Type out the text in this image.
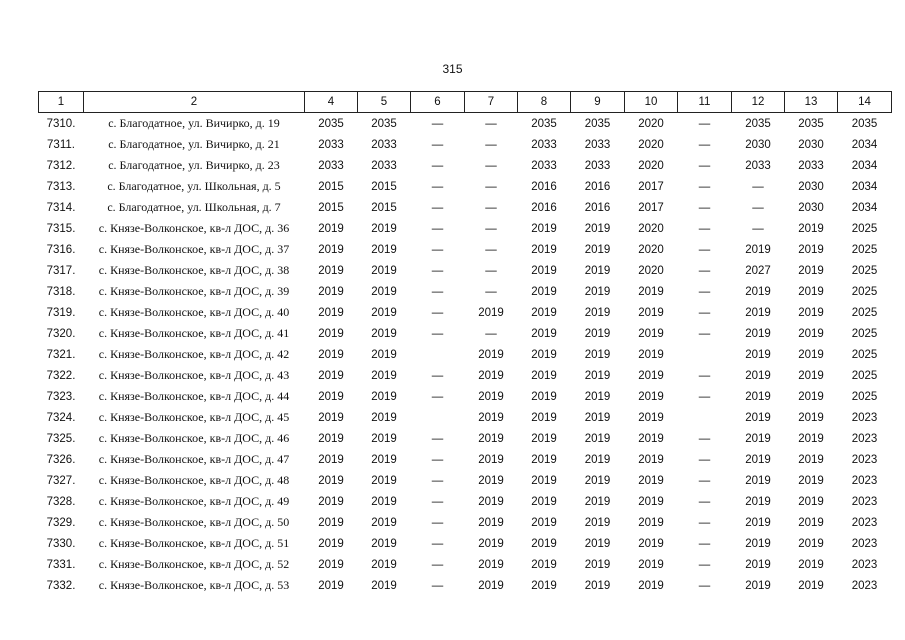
315
1	2	4	5	6	7	8	9	10	11	12	13	14
7310.	с. Благодатное, ул. Вичирко, д. 19	2035	2035	—	—	2035	2035	2020	—	2035	2035	2035
7311.	с. Благодатное, ул. Вичирко, д. 21	2033	2033	—	—	2033	2033	2020	—	2030	2030	2034
7312.	с. Благодатное, ул. Вичирко, д. 23	2033	2033	—	—	2033	2033	2020	—	2033	2033	2034
7313.	с. Благодатное, ул. Школьная, д. 5	2015	2015	—	—	2016	2016	2017	—	—	2030	2034
7314.	с. Благодатное, ул. Школьная, д. 7	2015	2015	—	—	2016	2016	2017	—	—	2030	2034
7315.	с. Князе-Волконское, кв-л ДОС, д. 36	2019	2019	—	—	2019	2019	2020	—	—	2019	2025
7316.	с. Князе-Волконское, кв-л ДОС, д. 37	2019	2019	—	—	2019	2019	2020	—	2019	2019	2025
7317.	с. Князе-Волконское, кв-л ДОС, д. 38	2019	2019	—	—	2019	2019	2020	—	2027	2019	2025
7318.	с. Князе-Волконское, кв-л ДОС, д. 39	2019	2019	—	—	2019	2019	2019	—	2019	2019	2025
7319.	с. Князе-Волконское, кв-л ДОС, д. 40	2019	2019	—	2019	2019	2019	2019	—	2019	2019	2025
7320.	с. Князе-Волконское, кв-л ДОС, д. 41	2019	2019	—	—	2019	2019	2019	—	2019	2019	2025
7321.	с. Князе-Волконское, кв-л ДОС, д. 42	2019	2019		2019	2019	2019	2019		2019	2019	2025
7322.	с. Князе-Волконское, кв-л ДОС, д. 43	2019	2019	—	2019	2019	2019	2019	—	2019	2019	2025
7323.	с. Князе-Волконское, кв-л ДОС, д. 44	2019	2019	—	2019	2019	2019	2019	—	2019	2019	2025
7324.	с. Князе-Волконское, кв-л ДОС, д. 45	2019	2019		2019	2019	2019	2019		2019	2019	2023
7325.	с. Князе-Волконское, кв-л ДОС, д. 46	2019	2019	—	2019	2019	2019	2019	—	2019	2019	2023
7326.	с. Князе-Волконское, кв-л ДОС, д. 47	2019	2019	—	2019	2019	2019	2019	—	2019	2019	2023
7327.	с. Князе-Волконское, кв-л ДОС, д. 48	2019	2019	—	2019	2019	2019	2019	—	2019	2019	2023
7328.	с. Князе-Волконское, кв-л ДОС, д. 49	2019	2019	—	2019	2019	2019	2019	—	2019	2019	2023
7329.	с. Князе-Волконское, кв-л ДОС, д. 50	2019	2019	—	2019	2019	2019	2019	—	2019	2019	2023
7330.	с. Князе-Волконское, кв-л ДОС, д. 51	2019	2019	—	2019	2019	2019	2019	—	2019	2019	2023
7331.	с. Князе-Волконское, кв-л ДОС, д. 52	2019	2019	—	2019	2019	2019	2019	—	2019	2019	2023
7332.	с. Князе-Волконское, кв-л ДОС, д. 53	2019	2019	—	2019	2019	2019	2019	—	2019	2019	2023
